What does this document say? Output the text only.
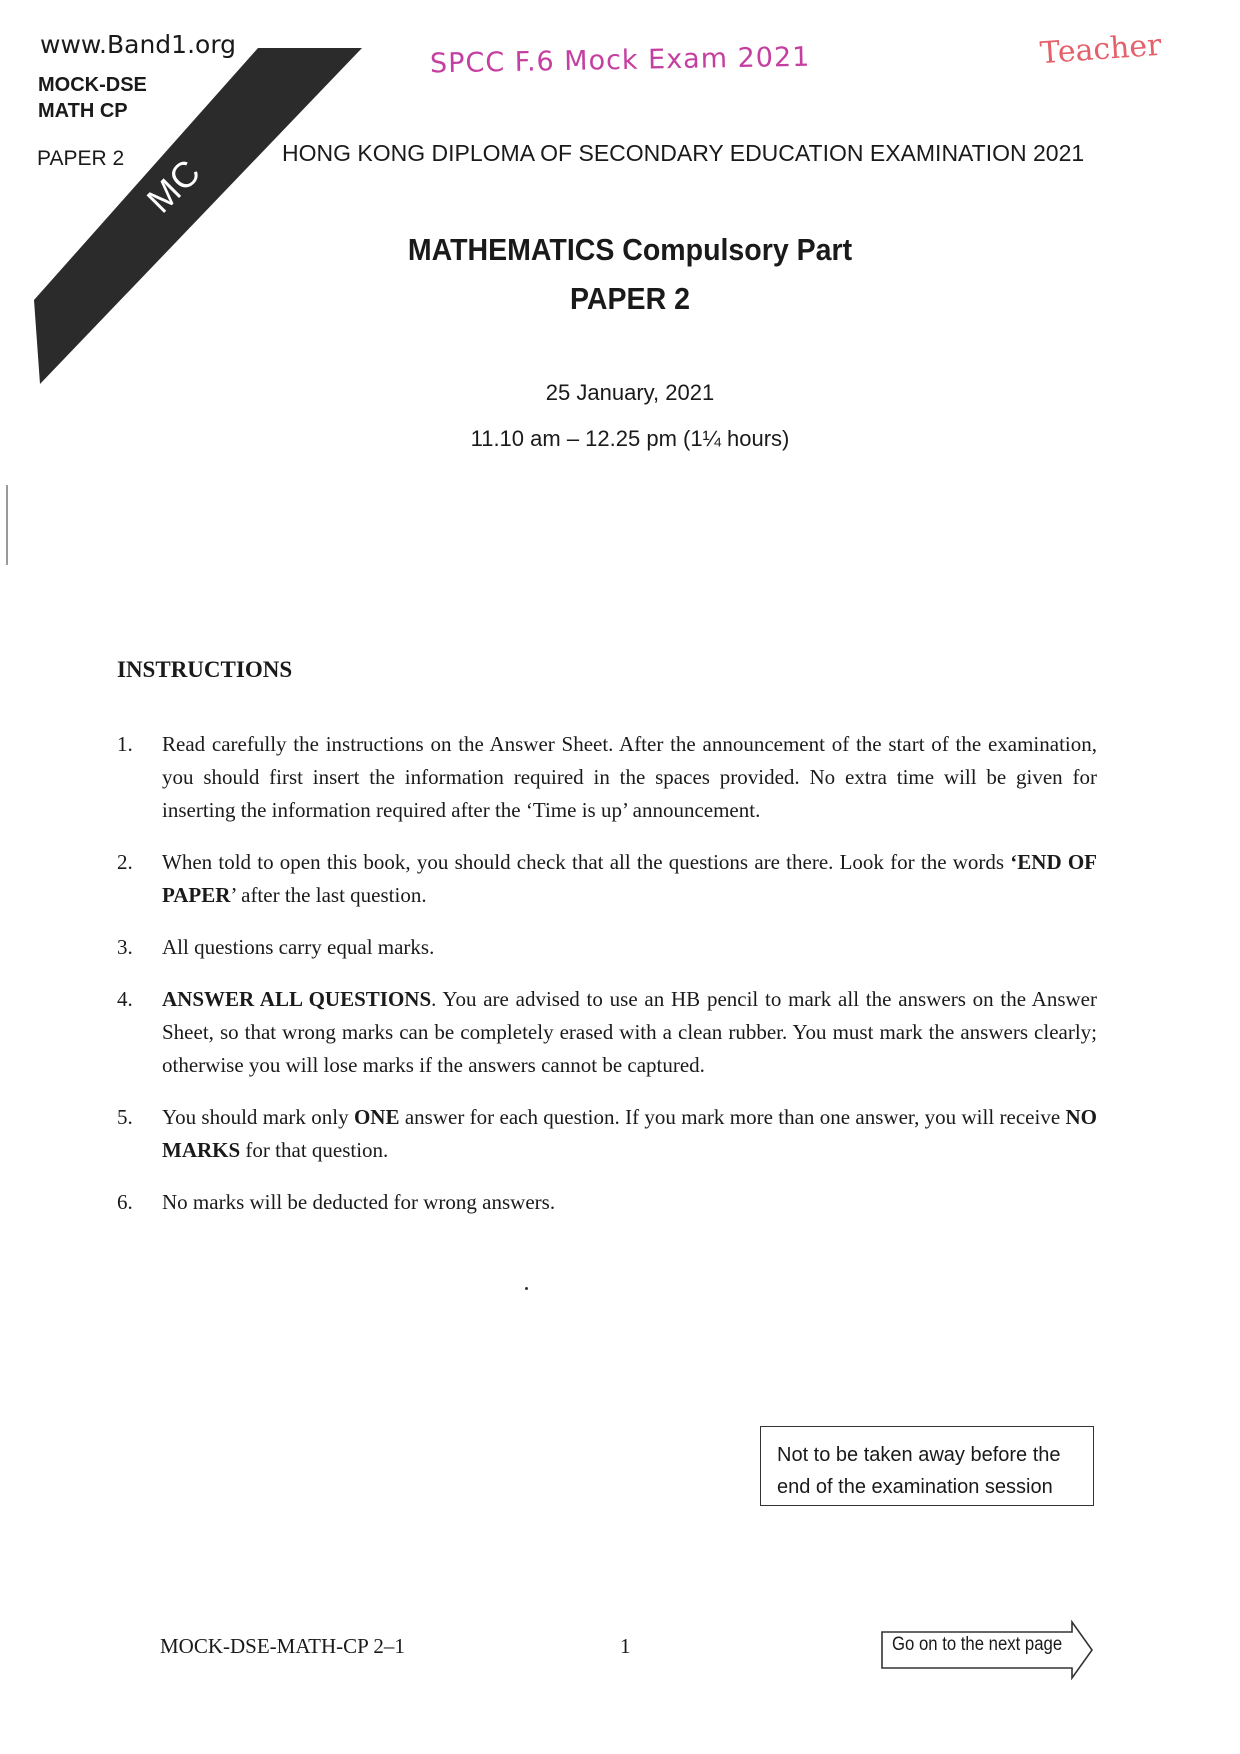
MC
www.Band1.org
MOCK-DSE
MATH CP
PAPER 2
SPCC F.6 Mock Exam 2021	Teacher
HONG KONG DIPLOMA OF SECONDARY EDUCATION EXAMINATION 2021
MATHEMATICS Compulsory Part
PAPER 2
25 January, 2021
11.10 am – 12.25 pm (1¼ hours)
INSTRUCTIONS
1.	Read carefully the instructions on the Answer Sheet. After the announcement of the start of the examination, you should first insert the information required in the spaces provided. No extra time will be given for inserting the information required after the ‘Time is up’ announcement.
2.	When told to open this book, you should check that all the questions are there. Look for the words ‘END OF PAPER’ after the last question.
3.	All questions carry equal marks.
4.	ANSWER ALL QUESTIONS. You are advised to use an HB pencil to mark all the answers on the Answer Sheet, so that wrong marks can be completely erased with a clean rubber. You must mark the answers clearly; otherwise you will lose marks if the answers cannot be captured.
5.	You should mark only ONE answer for each question. If you mark more than one answer, you will receive NO MARKS for that question.
6.	No marks will be deducted for wrong answers.
Not to be taken away before the
end of the examination session
MOCK-DSE-MATH-CP 2–1	1	Go on to the next page
